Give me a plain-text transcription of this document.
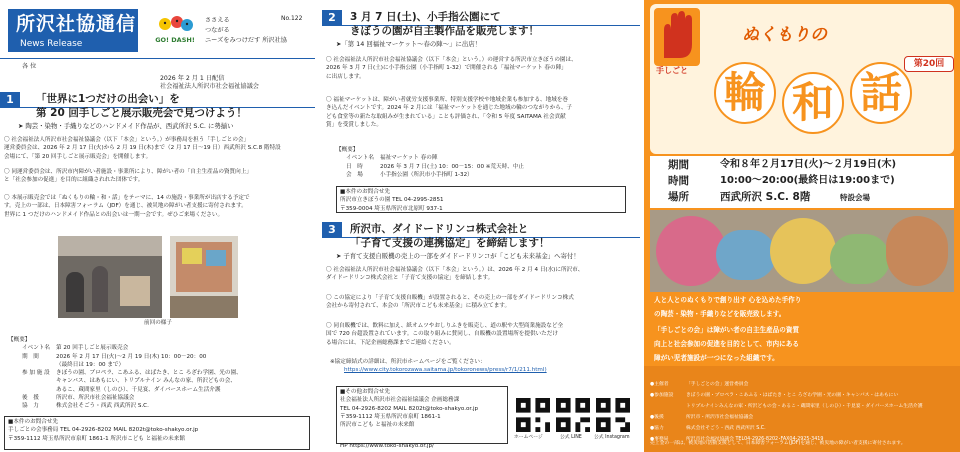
所沢社協通信
News Release	GO! DASH!
ささえる
つながる
ニーズをみつけだす 所沢社協
No.122
各 位
2026 年 2 月 1 日配信
社会福祉法人所沢市社会福祉協議会
1	「世界に1つだけの出会い」を
第 20 回手しごと展示販売会で見つけよう！
➤ 陶芸・染物・手織りなどのハンドメイド作品が、西武所沢 S.C. に勢揃い
〇 社会福祉法人所沢市社会福祉協議会（以下「本会」という。）が事務局を担う「手しごとの会」
運営委員会は、2026 年 2 月 17 日(火)から 2 月 19 日(木)まで（2 月 17 日～19 日）西武所沢 S.C.8 階特設
会場にて、「第 20 回手しごと展示販売会」を開催します。
〇 同運営委員会は、所沢市内障がい者施設・事業所により、障がい者の「自主生産品の資質向上」
と「社会参加の促進」を目的に組織されれた団体です。
〇 本展示販売会では「ぬくもりの輪・和・話」をテーマに、14 の施設・事業所が出店する予定で
す。売上の一部は、日本障害フォーラム（JDF）を通じ、被災地の障がい者支援に寄付されます。
世界に 1 つだけのハンドメイド作品との出会いは一期一会です。ぜひご来場ください。
前回の様子
【概要】
イベント名	第 20 回手しごと展示販売会
期　間	2026 年 2 月 17 日(火)～2 月 19 日(木) 10：00－20：00
	（最終日は 19：00 まで）
参 加 施 設	きぼうの園、ブロペラ、こあふる、はばたき、とこ ろざわ学園、光の園、
	キャンバス、はあもにい、トリプルナイン みんなの家、所沢どもの会、
	あるこ、蔵間家里（しのひ）、千見宴、ダイバースホーム生活介護
後　援	所沢市、所沢市社会福祉協議会
協　力	株式会社そごう・西武 西武所沢 S.C.
■本件のお問合せ先
手しごとの会事務局 TEL 04-2926-8202 MAIL 8202t@toko-shakyo.or.jp
〒359-1112 埼玉県所沢市泉町 1861-1 所沢市こども と福祉の未来館
2	3 月 7 日(土)、小手指公園にて
きぼうの園が自主製作品を販売します！
➤「第 14 回福祉マーケット～春の陣～」に出店！
〇 社会福祉法人所沢市社会福祉協議会（以下「本会」という。）の運営する所沢市立きぼうの園は、
2026 年 3 月 7 日(土)に小手指公園（小手指町 1-32）で開催される「福祉マーケット 春の陣」
に出店します。
〇 福祉マーケットは、障がい者就労支援事業所、特別支援学校や地域企業も参加する、地域を巻
き込んだイベントです。2024 年 2 月には「福祉マーケットを通じた地域の輪のつながりから、子
ども食堂等の新たな取組みが生まれている」ことも評価され、「令和 5 年度 SAITAMA 社会貢献
賞」を受賞しました。
【概要】
イベント名	福祉マーケット 春の陣
日　時	2026 年 3 月 7 日(土) 10：00－15：00 ※荒天時、中止
会　場	小手指公園（所沢市小手指町 1-32）
■本件のお問合せ先
所沢市立きぼうの園 TEL 04-2995-2851
〒359-0004 埼玉県所沢市北原町 937-1
3	所沢市、ダイドードリンコ株式会社と
「子育て支援の連携協定」を締結します！
➤ 子育て支援自販機の売上の一部をダイドードリンコが「こども未来基金」へ寄付！
〇 社会福祉法人所沢市社会福祉協議会（以下「本会」という。）は、2026 年 2 月 4 日(水)に所沢市、
ダイドードリンコ株式会社と「子育て支援の協定」を締結します。
〇 この協定により「子育て支援自販機」が設置されると、その売上の一部をダイドードリンコ株式
会社から寄付されて、本会の「所沢市こども未来基金」に積み立てます。
〇 同自販機では、飲料に加え、紙オムツやおしりふきを販売し、道の駅や大型商業施設など全
国で 720 台超設置されています。この取り組みに賛同し、自販機の設置場所を提供いただけ
る場合には、下記企画総務課までご連絡ください。
※協定締結式の詳細は、所沢市ホームページをご覧ください：
https://www.city.tokorozawa.saitama.jp/tokoronews/press/r7/1/211.html)
■その他お問合せ先
社会福祉法人所沢市社会福祉協議会 企画総務課
TEL 04-2926-8202 MAIL 8202t@toko-shakyo.or.jp
〒359-1112 埼玉県所沢市泉町 1861-1
所沢市こども と福祉の未来館
HP https://www.toko-shakyo.or.jp/
ホームページ	公式 LINE	公式 Instagram
手しごと
ぬくもりの
第20回
輪 和 話
期間	令和８年２月17日(火)～２月19日(木)
時間	10:00～20:00(最終日は19:00まで)
場所	西武所沢 S.C. 8階	特設会場
人と人とのぬくもりで創り出す 心を込めた手作り
の陶芸・染物・手織りなどを販売致します。
「手しごとの会」は障がい者の自主生産品の資質
向上と社会参加の促進を目的として、市内にある
障がい児者施設が一つになった組織です。
●主催者	「手しごとの会」運営委員会
●参加施設	きぼうの園・プロペラ・こあふる・はばたき・とこ ろざわ学園・光の園・キャンバス・はあもにい
トリプルナインみんなの家・所沢どもの会・あるこ・蔵間家里（しのひ）・千見宴・ダイバースホーム生活介護
●後援	所沢市・所沢市社会福祉協議会
●協力	株式会社そごう・西武 西武所沢 S.C.
●事務局	所沢市社会福祉協議会 TEL04-2926-8202･FAX04-2925-3419
売上金の一部は、被災地の活動支援として、日本障害フォーラム(JDF)を通じ、被災地の障がい者支援に寄付されます。
